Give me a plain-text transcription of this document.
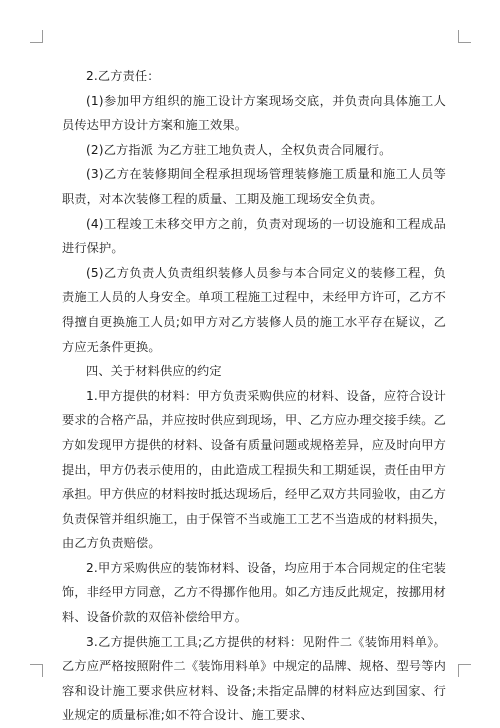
2.乙方责任：

(1)参加甲方组织的施工设计方案现场交底，并负责向具体施工人员传达甲方设计方案和施工效果。

(2)乙方指派 为乙方驻工地负责人，全权负责合同履行。

(3)乙方在装修期间全程承担现场管理装修施工质量和施工人员等职责，对本次装修工程的质量、工期及施工现场安全负责。

(4)工程竣工未移交甲方之前，负责对现场的一切设施和工程成品进行保护。

(5)乙方负责人负责组织装修人员参与本合同定义的装修工程，负责施工人员的人身安全。单项工程施工过程中，未经甲方许可，乙方不得擅自更换施工人员;如甲方对乙方装修人员的施工水平存在疑议，乙方应无条件更换。

四、关于材料供应的约定

1.甲方提供的材料：甲方负责采购供应的材料、设备，应符合设计要求的合格产品，并应按时供应到现场，甲、乙方应办理交接手续。乙方如发现甲方提供的材料、设备有质量问题或规格差异，应及时向甲方提出，甲方仍表示使用的，由此造成工程损失和工期延误，责任由甲方承担。甲方供应的材料按时抵达现场后，经甲乙双方共同验收，由乙方负责保管并组织施工，由于保管不当或施工工艺不当造成的材料损失，由乙方负责赔偿。

2.甲方采购供应的装饰材料、设备，均应用于本合同规定的住宅装饰，非经甲方同意，乙方不得挪作他用。如乙方违反此规定，按挪用材料、设备价款的双倍补偿给甲方。

3.乙方提供施工工具;乙方提供的材料：见附件二《装饰用料单》。乙方应严格按照附件二《装饰用料单》中规定的品牌、规格、型号等内容和设计施工要求供应材料、设备;未指定品牌的材料应达到国家、行业规定的质量标准;如不符合设计、施工要求、
